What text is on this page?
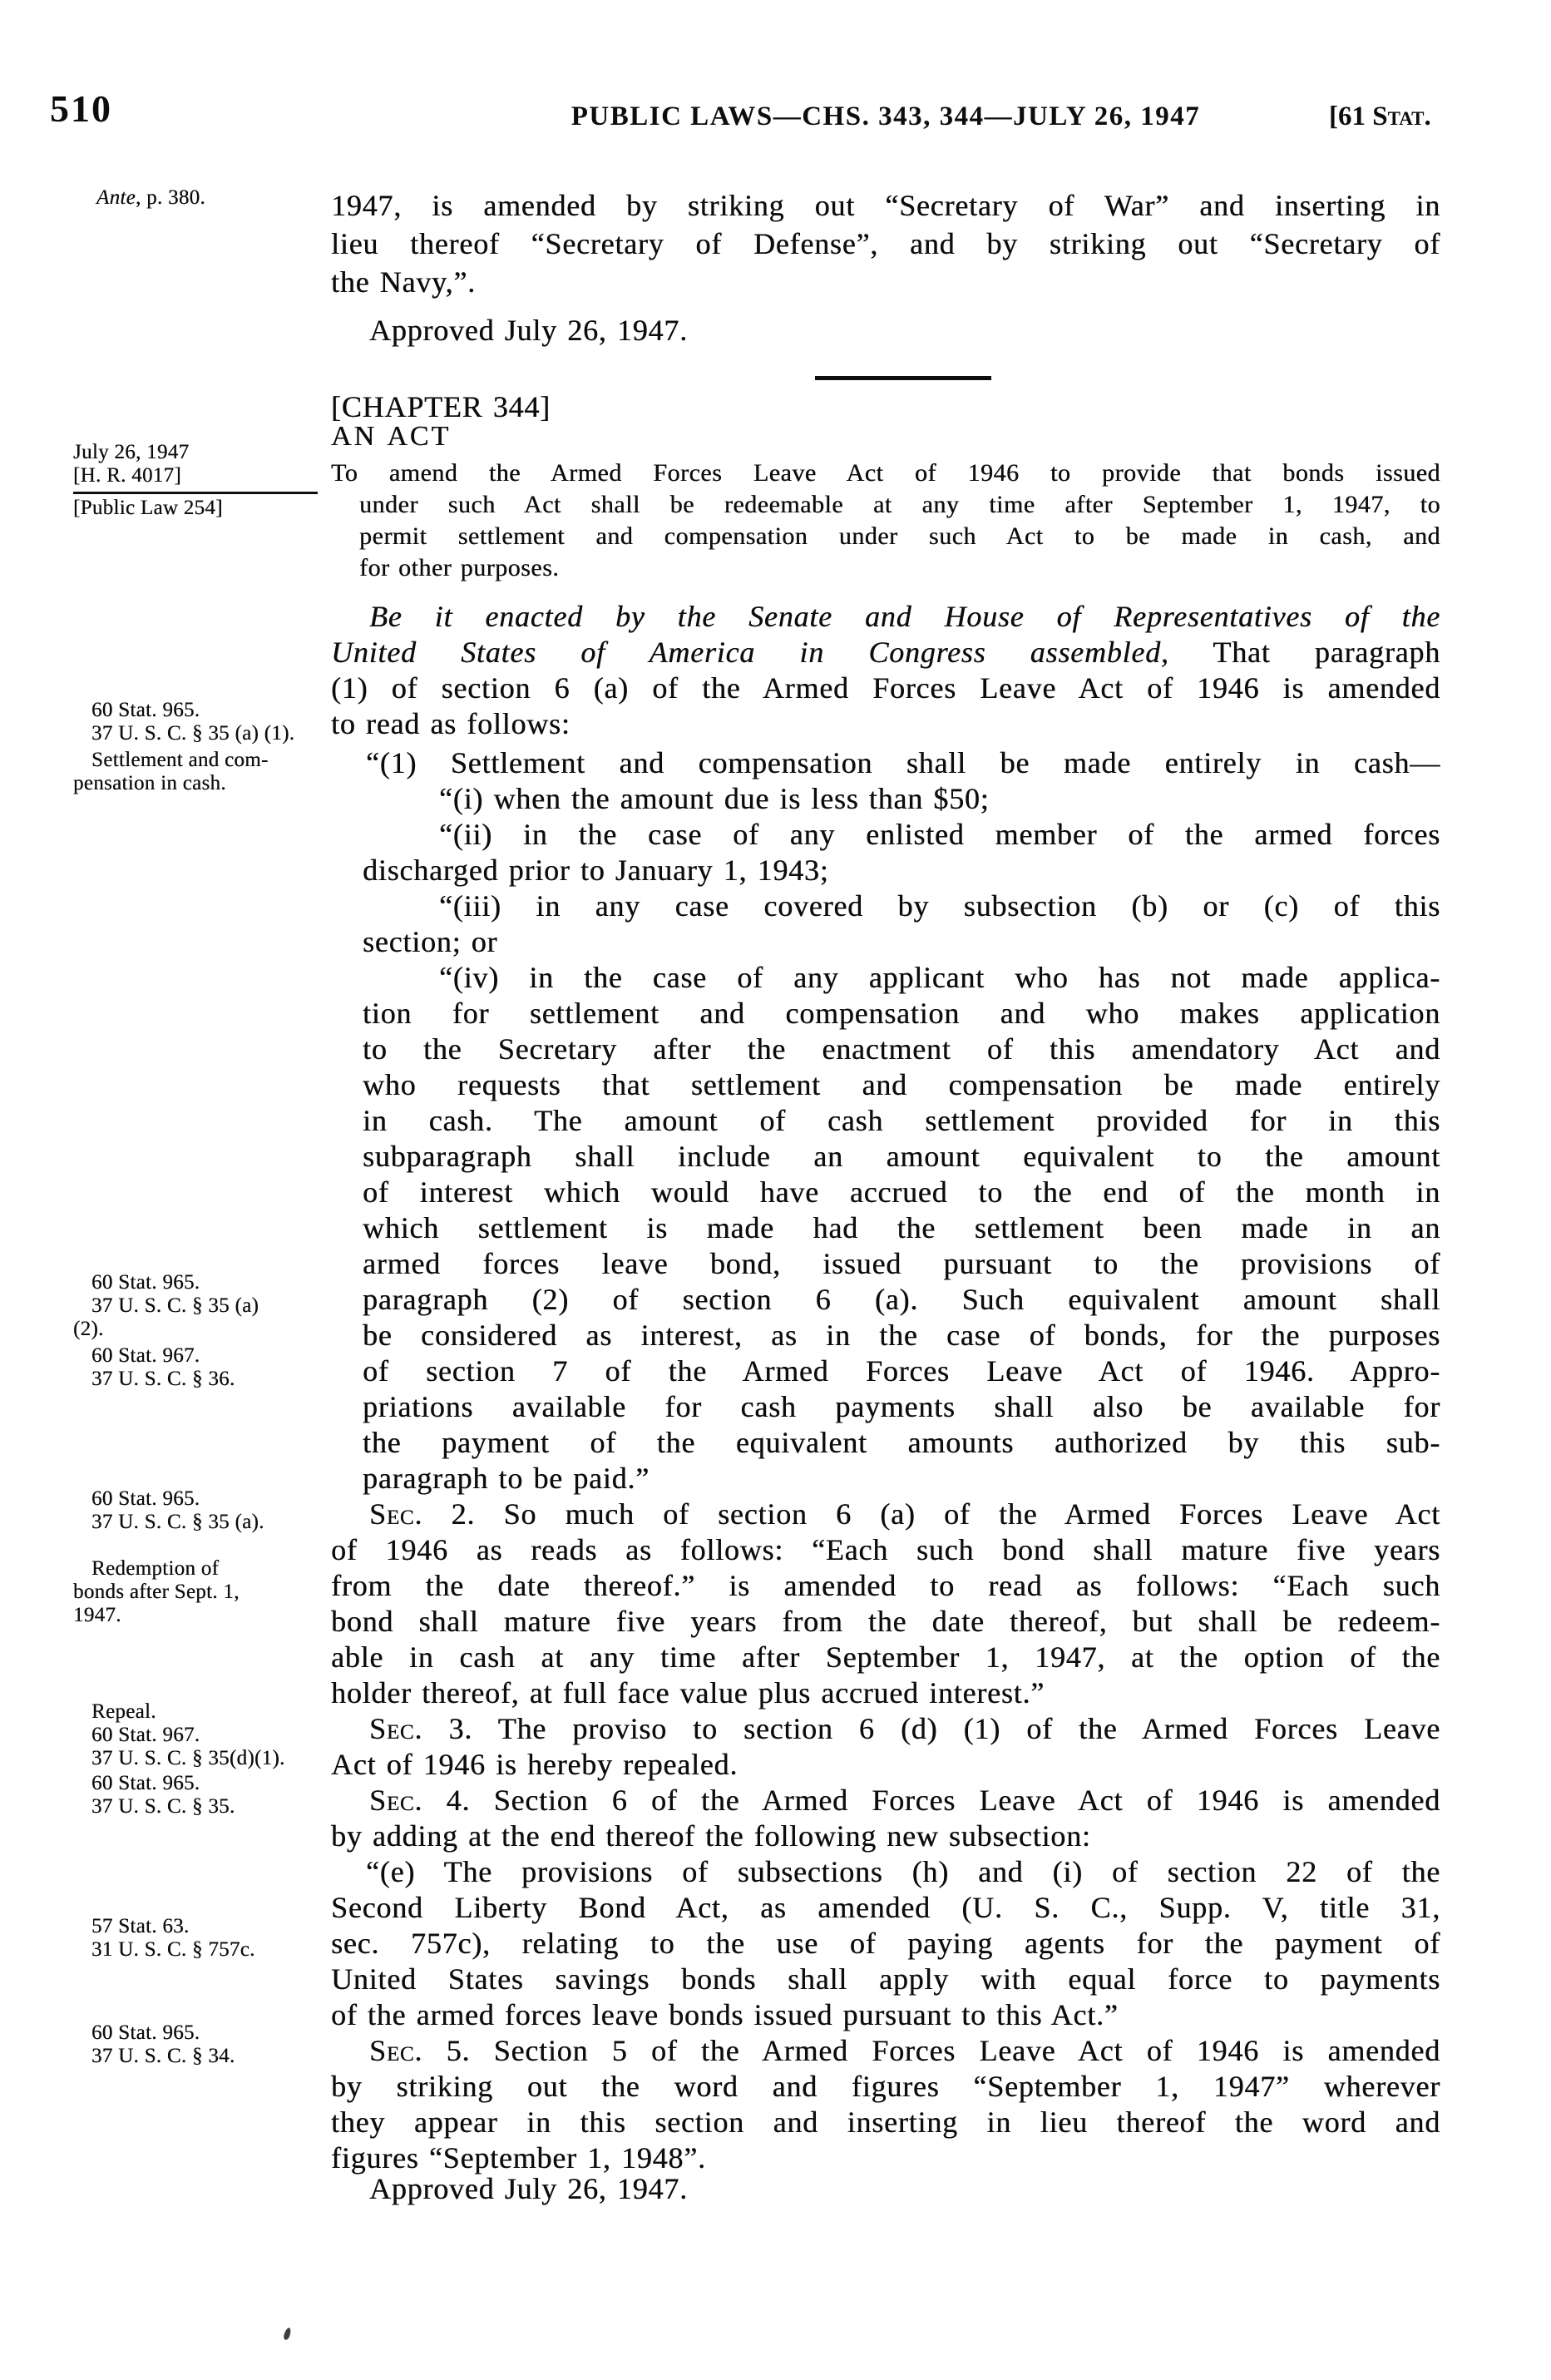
510	PUBLIC LAWS—CHS. 343, 344—JULY 26, 1947	[61 Stat.
Ante, p. 380.
July 26, 1947
[H. R. 4017]
[Public Law 254]
60 Stat. 965.
37 U. S. C. § 35 (a) (1).
Settlement and com-
pensation in cash.
60 Stat. 965.
37 U. S. C. § 35 (a)
(2).
60 Stat. 967.
37 U. S. C. § 36.
60 Stat. 965.
37 U. S. C. § 35 (a).
Redemption of
bonds after Sept. 1,
1947.
Repeal.
60 Stat. 967.
37 U. S. C. § 35(d)(1).
60 Stat. 965.
37 U. S. C. § 35.
57 Stat. 63.
31 U. S. C. § 757c.
60 Stat. 965.
37 U. S. C. § 34.
1947, is amended by striking out “Secretary of War” and inserting in
lieu thereof “Secretary of Defense”, and by striking out “Secretary of
the Navy,”.
Approved July 26, 1947.
[CHAPTER 344]
AN ACT
To amend the Armed Forces Leave Act of 1946 to provide that bonds issued
under such Act shall be redeemable at any time after September 1, 1947, to
permit settlement and compensation under such Act to be made in cash, and
for other purposes.
Be it enacted by the Senate and House of Representatives of the
United States of America in Congress assembled, That paragraph
(1) of section 6 (a) of the Armed Forces Leave Act of 1946 is amended
to read as follows:
“(1) Settlement and compensation shall be made entirely in cash—
“(i) when the amount due is less than $50;
“(ii) in the case of any enlisted member of the armed forces
discharged prior to January 1, 1943;
“(iii) in any case covered by subsection (b) or (c) of this
section; or
“(iv) in the case of any applicant who has not made applica-
tion for settlement and compensation and who makes application
to the Secretary after the enactment of this amendatory Act and
who requests that settlement and compensation be made entirely
in cash. The amount of cash settlement provided for in this
subparagraph shall include an amount equivalent to the amount
of interest which would have accrued to the end of the month in
which settlement is made had the settlement been made in an
armed forces leave bond, issued pursuant to the provisions of
paragraph (2) of section 6 (a). Such equivalent amount shall
be considered as interest, as in the case of bonds, for the purposes
of section 7 of the Armed Forces Leave Act of 1946. Appro-
priations available for cash payments shall also be available for
the payment of the equivalent amounts authorized by this sub-
paragraph to be paid.”
Sec. 2. So much of section 6 (a) of the Armed Forces Leave Act
of 1946 as reads as follows: “Each such bond shall mature five years
from the date thereof.” is amended to read as follows: “Each such
bond shall mature five years from the date thereof, but shall be redeem-
able in cash at any time after September 1, 1947, at the option of the
holder thereof, at full face value plus accrued interest.”
Sec. 3. The proviso to section 6 (d) (1) of the Armed Forces Leave
Act of 1946 is hereby repealed.
Sec. 4. Section 6 of the Armed Forces Leave Act of 1946 is amended
by adding at the end thereof the following new subsection:
“(e) The provisions of subsections (h) and (i) of section 22 of the
Second Liberty Bond Act, as amended (U. S. C., Supp. V, title 31,
sec. 757c), relating to the use of paying agents for the payment of
United States savings bonds shall apply with equal force to payments
of the armed forces leave bonds issued pursuant to this Act.”
Sec. 5. Section 5 of the Armed Forces Leave Act of 1946 is amended
by striking out the word and figures “September 1, 1947” wherever
they appear in this section and inserting in lieu thereof the word and
figures “September 1, 1948”.
Approved July 26, 1947.
